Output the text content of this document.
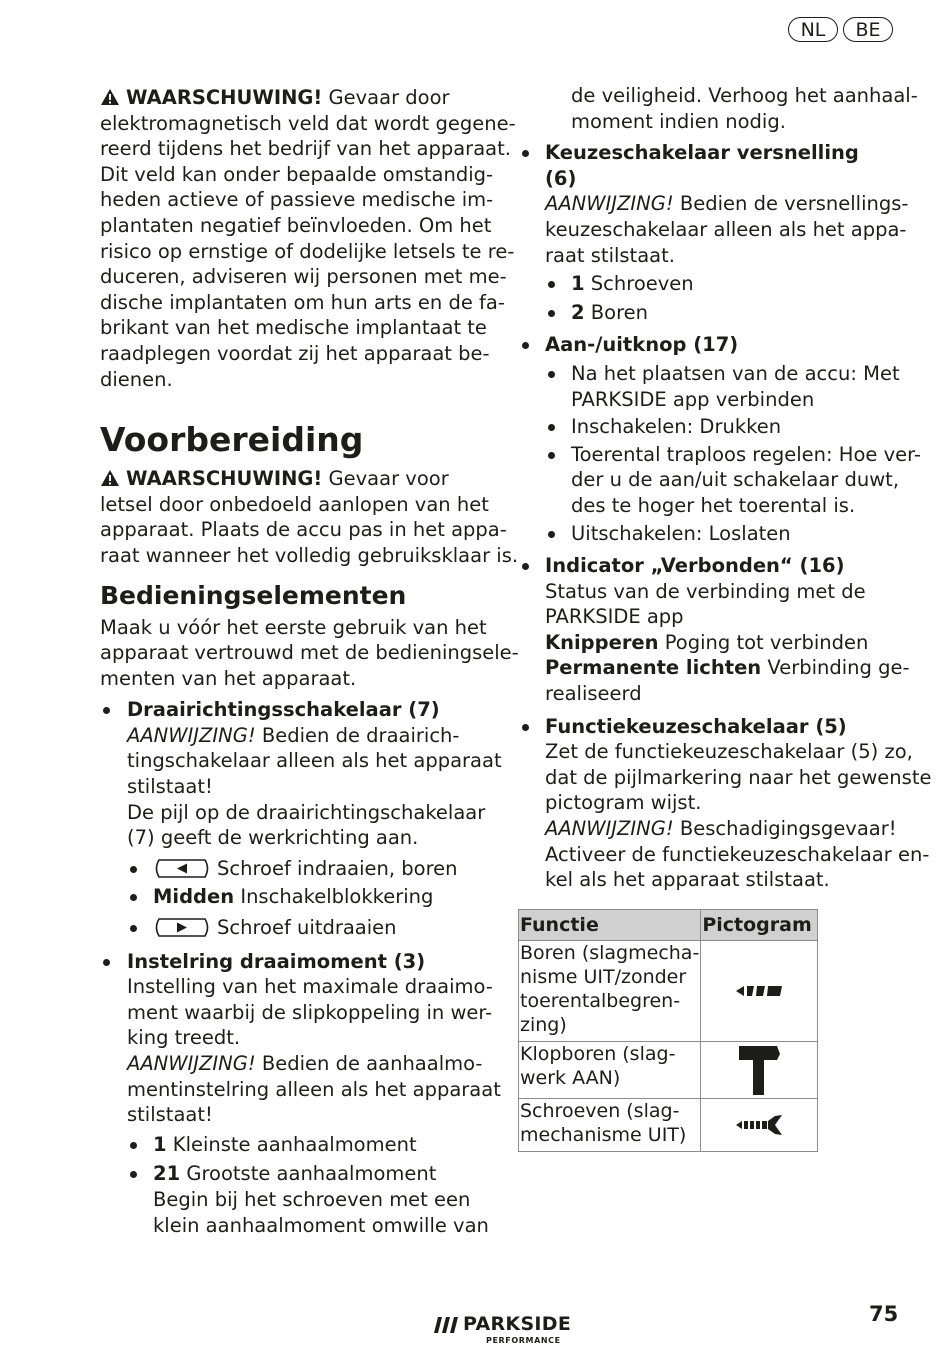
NL	BE
WAARSCHUWING! Gevaar door
elektromagnetisch veld dat wordt gegene-
reerd tijdens het bedrijf van het apparaat.
Dit veld kan onder bepaalde omstandig-
heden actieve of passieve medische im-
plantaten negatief beïnvloeden. Om het
risico op ernstige of dodelijke letsels te re-
duceren, adviseren wij personen met me-
dische implantaten om hun arts en de fa-
brikant van het medische implantaat te
raadplegen voordat zij het apparaat be-
dienen.
Voorbereiding
WAARSCHUWING! Gevaar voor
letsel door onbedoeld aanlopen van het
apparaat. Plaats de accu pas in het appa-
raat wanneer het volledig gebruiksklaar is.
Bedieningselementen
Maak u vóór het eerste gebruik van het
apparaat vertrouwd met de bedieningsele-
menten van het apparaat.
Draairichtingsschakelaar (7)
AANWIJZING! Bedien de draairich-
tingschakelaar alleen als het apparaat
stilstaat!
De pijl op de draairichtingschakelaar
(7) geeft de werkrichting aan.
Schroef indraaien, boren
Midden Inschakelblokkering
Schroef uitdraaien
Instelring draaimoment (3)
Instelling van het maximale draaimo-
ment waarbij de slipkoppeling in wer-
king treedt.
AANWIJZING! Bedien de aanhaalmo-
mentinstelring alleen als het apparaat
stilstaat!
1 Kleinste aanhaalmoment
21 Grootste aanhaalmoment
Begin bij het schroeven met een
klein aanhaalmoment omwille van
de veiligheid. Verhoog het aanhaal-
moment indien nodig.
Keuzeschakelaar versnelling
(6)
AANWIJZING! Bedien de versnellings-
keuzeschakelaar alleen als het appa-
raat stilstaat.
1 Schroeven
2 Boren
Aan-/uitknop (17)
Na het plaatsen van de accu: Met
PARKSIDE app verbinden
Inschakelen: Drukken
Toerental traploos regelen: Hoe ver-
der u de aan/uit schakelaar duwt,
des te hoger het toerental is.
Uitschakelen: Loslaten
Indicator „Verbonden“ (16)
Status van de verbinding met de
PARKSIDE app
Knipperen Poging tot verbinden
Permanente lichten Verbinding ge-
realiseerd
Functiekeuzeschakelaar (5)
Zet de functiekeuzeschakelaar (5) zo,
dat de pijlmarkering naar het gewenste
pictogram wijst.
AANWIJZING! Beschadigingsgevaar!
Activeer de functiekeuzeschakelaar en-
kel als het apparaat stilstaat.
Functie	Pictogram

Boren (slagmecha-
nisme UIT/zonder
toerentalbegren-
zing)

Klopboren (slag-
werk AAN)

Schroeven (slag-
mechanisme UIT)

PARKSIDE
PERFORMANCE
75
